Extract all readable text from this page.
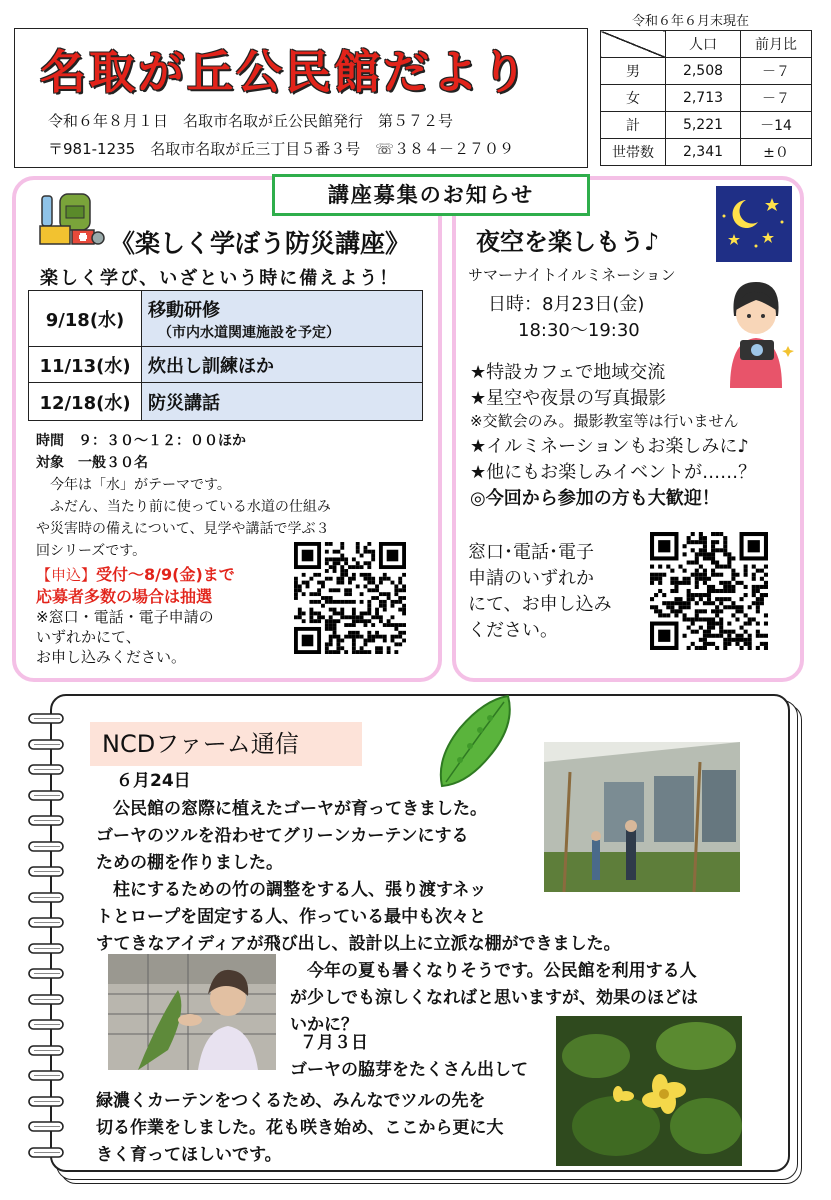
名取が丘公民館だより
令和６年８月１日　名取市名取が丘公民館発行　第５７２号
〒981-1235　名取市名取が丘三丁目５番３号　☏３８４－２７０９
令和６年６月末現在
	人口	前月比
男	2,508	－７
女	2,713	－７
計	5,221	－14
世帯数	2,341	±０
講座募集のお知らせ
《楽しく学ぼう防災講座》
楽しく学び、いざという時に備えよう！
9/18(水)	移動研修
（市内水道関連施設を予定）

11/13(水)	炊出し訓練ほか
12/18(水)	防災講話
時間　９：３０～１２：００ほか
対象　一般３０名
　今年は「水」がテーマです。
　ふだん、当たり前に使っている水道の仕組み
や災害時の備えについて、見学や講話で学ぶ３
回シリーズです。
【申込】受付～8/9(金)まで
応募者多数の場合は抽選
※窓口・電話・電子申請の
いずれかにて、
お申し込みください。
夜空を楽しもう♪
サマーナイトイルミネーション
日時：8月23日(金)
18:30～19:30
★特設カフェで地域交流
★星空や夜景の写真撮影
※交歓会のみ。撮影教室等は行いません
★イルミネーションもお楽しみに♪
★他にもお楽しみイベントが……？
◎今回から参加の方も大歓迎！
窓口･電話･電子
申請のいずれか
にて、お申し込み
ください。
NCDファーム通信
６月24日
　公民館の窓際に植えたゴーヤが育ってきました。
ゴーヤのツルを沿わせてグリーンカーテンにする
ための棚を作りました。
　柱にするための竹の調整をする人、張り渡すネッ
トとロープを固定する人、作っている最中も次々と
すてきなアイディアが飛び出し、設計以上に立派な棚ができました。
　今年の夏も暑くなりそうです。公民館を利用する人
が少しでも涼しくなればと思いますが、効果のほどは
いかに？
７月３日
ゴーヤの脇芽をたくさん出して
緑濃くカーテンをつくるため、みんなでツルの先を
切る作業をしました。花も咲き始め、ここから更に大
きく育ってほしいです。
